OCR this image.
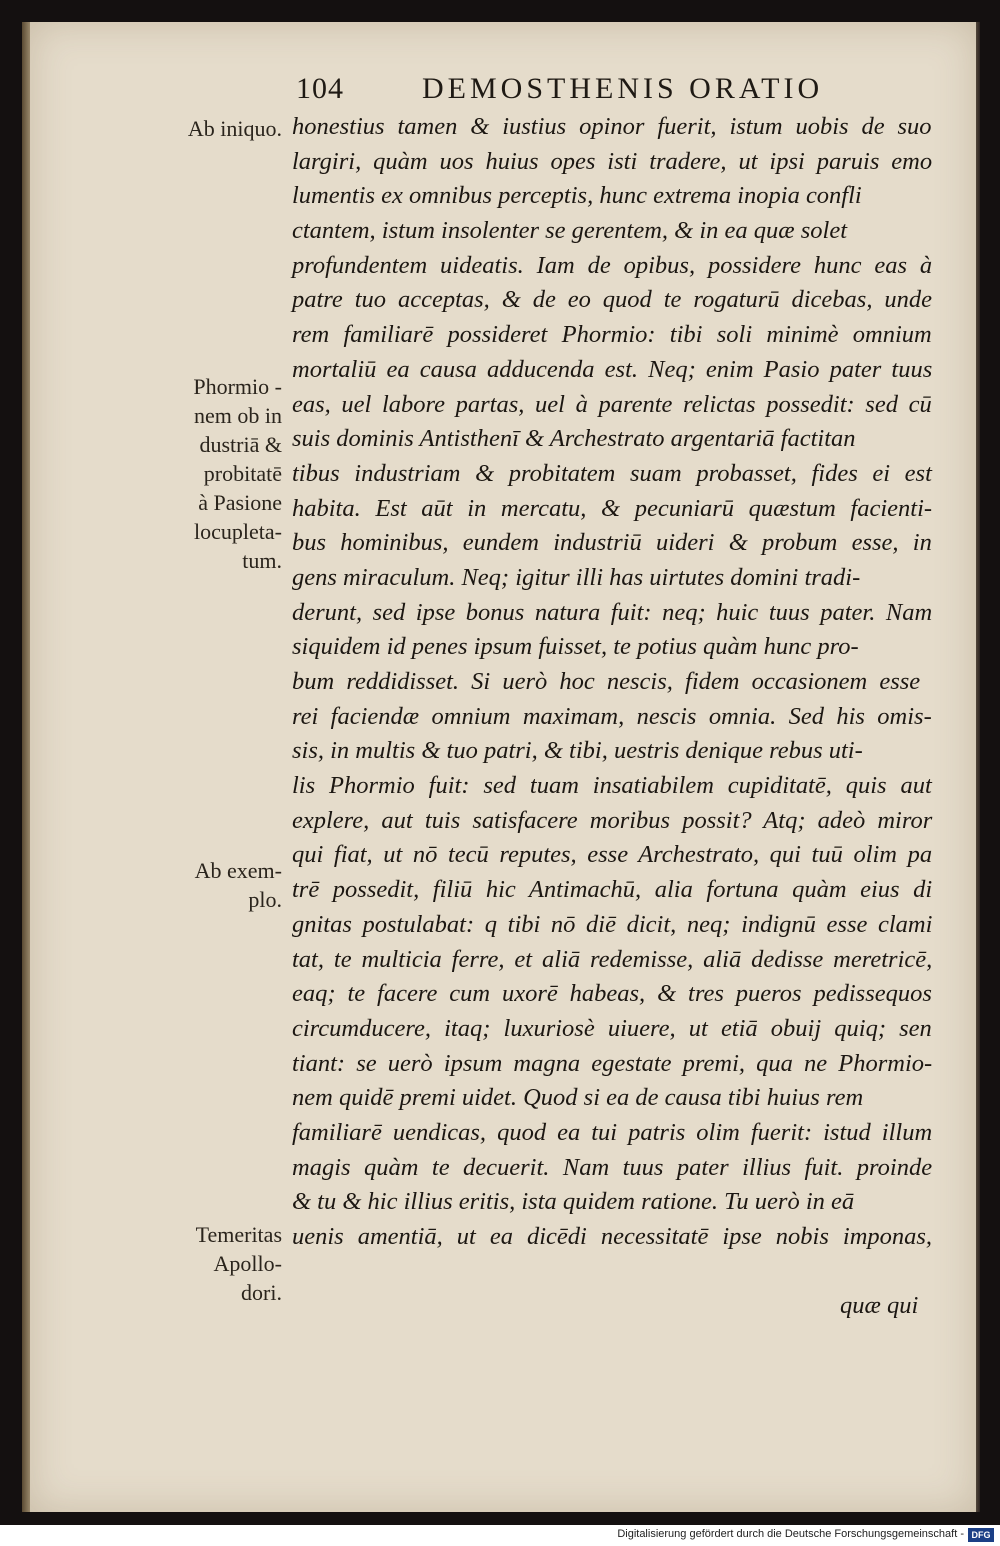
104	DEMOSTHENIS ORATIO
Ab iniquo.
Phormio -
nem ob in
dustriā &
probitatē
à Pasione
locupleta-
tum.
Ab exem-
plo.
Temeritas
Apollo-
dori.
honestius tamen & iustius opinor fuerit, istum uobis de suo
largiri, quàm uos huius opes isti tradere, ut ipsi paruis emo
lumentis ex omnibus perceptis, hunc extrema inopia confli
ctantem, istum insolenter se gerentem, & in ea quæ solet
profundentem uideatis. Iam de opibus, possidere hunc eas à
patre tuo acceptas, & de eo quod te rogaturū dicebas, unde
rem familiarē possideret Phormio: tibi soli minimè omnium
mortaliū ea causa adducenda est. Neq; enim Pasio pater tuus
eas, uel labore partas, uel à parente relictas possedit: sed cū
suis dominis Antisthenī & Archestrato argentariā factitan
tibus industriam & probitatem suam probasset, fides ei est
habita. Est aūt in mercatu, & pecuniarū quæstum facienti-
bus hominibus, eundem industriū uideri & probum esse, in
gens miraculum. Neq; igitur illi has uirtutes domini tradi-
derunt, sed ipse bonus natura fuit: neq; huic tuus pater. Nam
siquidem id penes ipsum fuisset, te potius quàm hunc pro-
bum reddidisset. Si uerò hoc nescis, fidem occasionem esse
rei faciendæ omnium maximam, nescis omnia. Sed his omis-
sis, in multis & tuo patri, & tibi, uestris denique rebus uti-
lis Phormio fuit: sed tuam insatiabilem cupiditatē, quis aut
explere, aut tuis satisfacere moribus possit? Atq; adeò miror
qui fiat, ut nō tecū reputes, esse Archestrato, qui tuū olim pa
trē possedit, filiū hic Antimachū, alia fortuna quàm eius di
gnitas postulabat: q tibi nō diē dicit, neq; indignū esse clami
tat, te multicia ferre, et aliā redemisse, aliā dedisse meretricē,
eaq; te facere cum uxorē habeas, & tres pueros pedissequos
circumducere, itaq; luxuriosè uiuere, ut etiā obuij quiq; sen
tiant: se uerò ipsum magna egestate premi, qua ne Phormio-
nem quidē premi uidet. Quod si ea de causa tibi huius rem
familiarē uendicas, quod ea tui patris olim fuerit: istud illum
magis quàm te decuerit. Nam tuus pater illius fuit. proinde
& tu & hic illius eritis, ista quidem ratione. Tu uerò in eā
uenis amentiā, ut ea dicēdi necessitatē ipse nobis imponas,
quæ qui
Digitalisierung gefördert durch die Deutsche Forschungsgemeinschaft - DFG
